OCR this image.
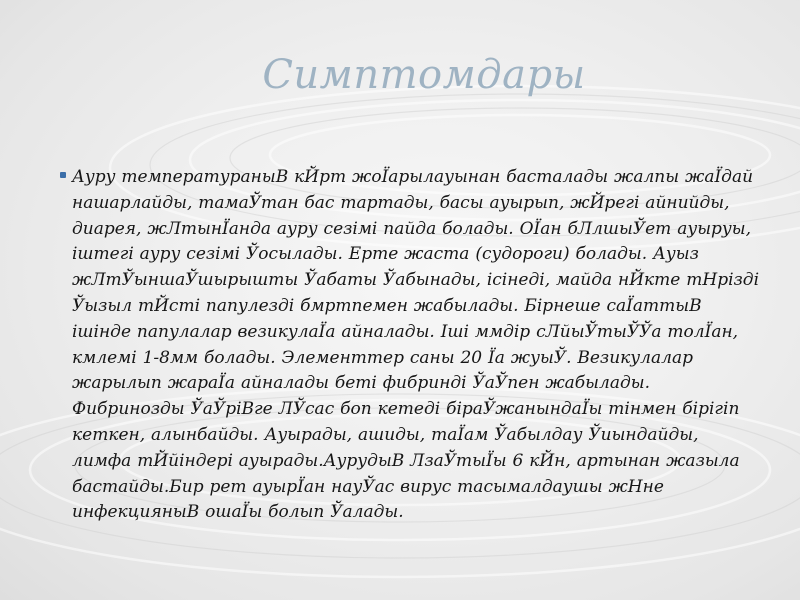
Симптомдары
Ауру температураныВ кЙрт жоЇарылауынан басталады жалпы жаЇдай нашарлайды, тамаЎтан бас тартады, басы ауырып, жЙрегі айнийды, диарея, жЛтынЇанда ауру сезімі пайда болады. ОЇан бЛлшыЎет ауыруы, іштегі ауру сезімі Ўосылады. Ерте жаста (судороги) болады. Ауыз жЛтЎыншаЎшырышты Ўабаты Ўабынады, ісінеді, майда нЙкте тНрізді Ўызыл тЙсті папулезді бмртпемен жабылады. Бірнеше саЇаттыВ ішінде папулалар везикулаЇа айналады. Іші ммдір сЛйыЎтыЎЎа толЇан, кмлемі 1-8мм болады. Элементтер саны 20 Їа жуыЎ. Везикулалар жарылып жараЇа айналады беті фибринді ЎаЎпен жабылады. Фибринозды ЎаЎріВге ЛЎсас боп кетеді біраЎжанындаЇы тінмен бірігіп кеткен, алынбайды. Ауырады, ашиды, таЇам Ўабылдау Ўиындайды, лимфа тЙйіндері ауырады.АурудыВ ЛзаЎтыЇы 6 кЙн, артынан жазыла бастайды.Бир рет ауырЇан науЎас вирус тасымалдаушы жНне инфекцияныВ ошаЇы болып Ўалады.
